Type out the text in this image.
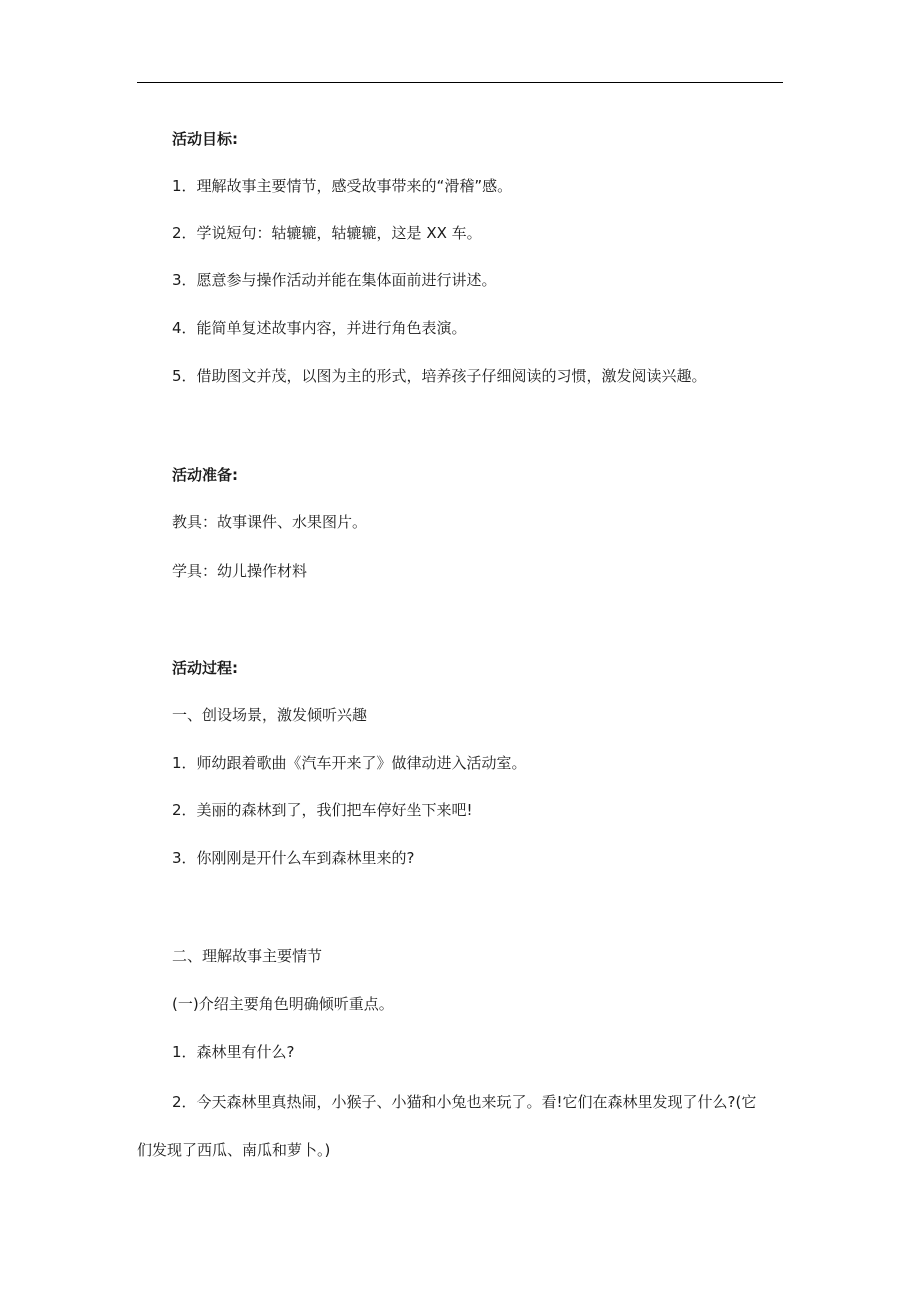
活动目标:
1．理解故事主要情节，感受故事带来的“滑稽”感。
2．学说短句：轱辘辘，轱辘辘，这是 XX 车。
3．愿意参与操作活动并能在集体面前进行讲述。
4．能简单复述故事内容，并进行角色表演。
5．借助图文并茂，以图为主的形式，培养孩子仔细阅读的习惯，激发阅读兴趣。
活动准备:
教具：故事课件、水果图片。
学具：幼儿操作材料
活动过程:
一、创设场景，激发倾听兴趣
1．师幼跟着歌曲《汽车开来了》做律动进入活动室。
2．美丽的森林到了，我们把车停好坐下来吧!
3．你刚刚是开什么车到森林里来的?
二、理解故事主要情节
(一)介绍主要角色明确倾听重点。
1．森林里有什么?
2．今天森林里真热闹，小猴子、小猫和小兔也来玩了。看!它们在森林里发现了什么?(它
们发现了西瓜、南瓜和萝卜。)
